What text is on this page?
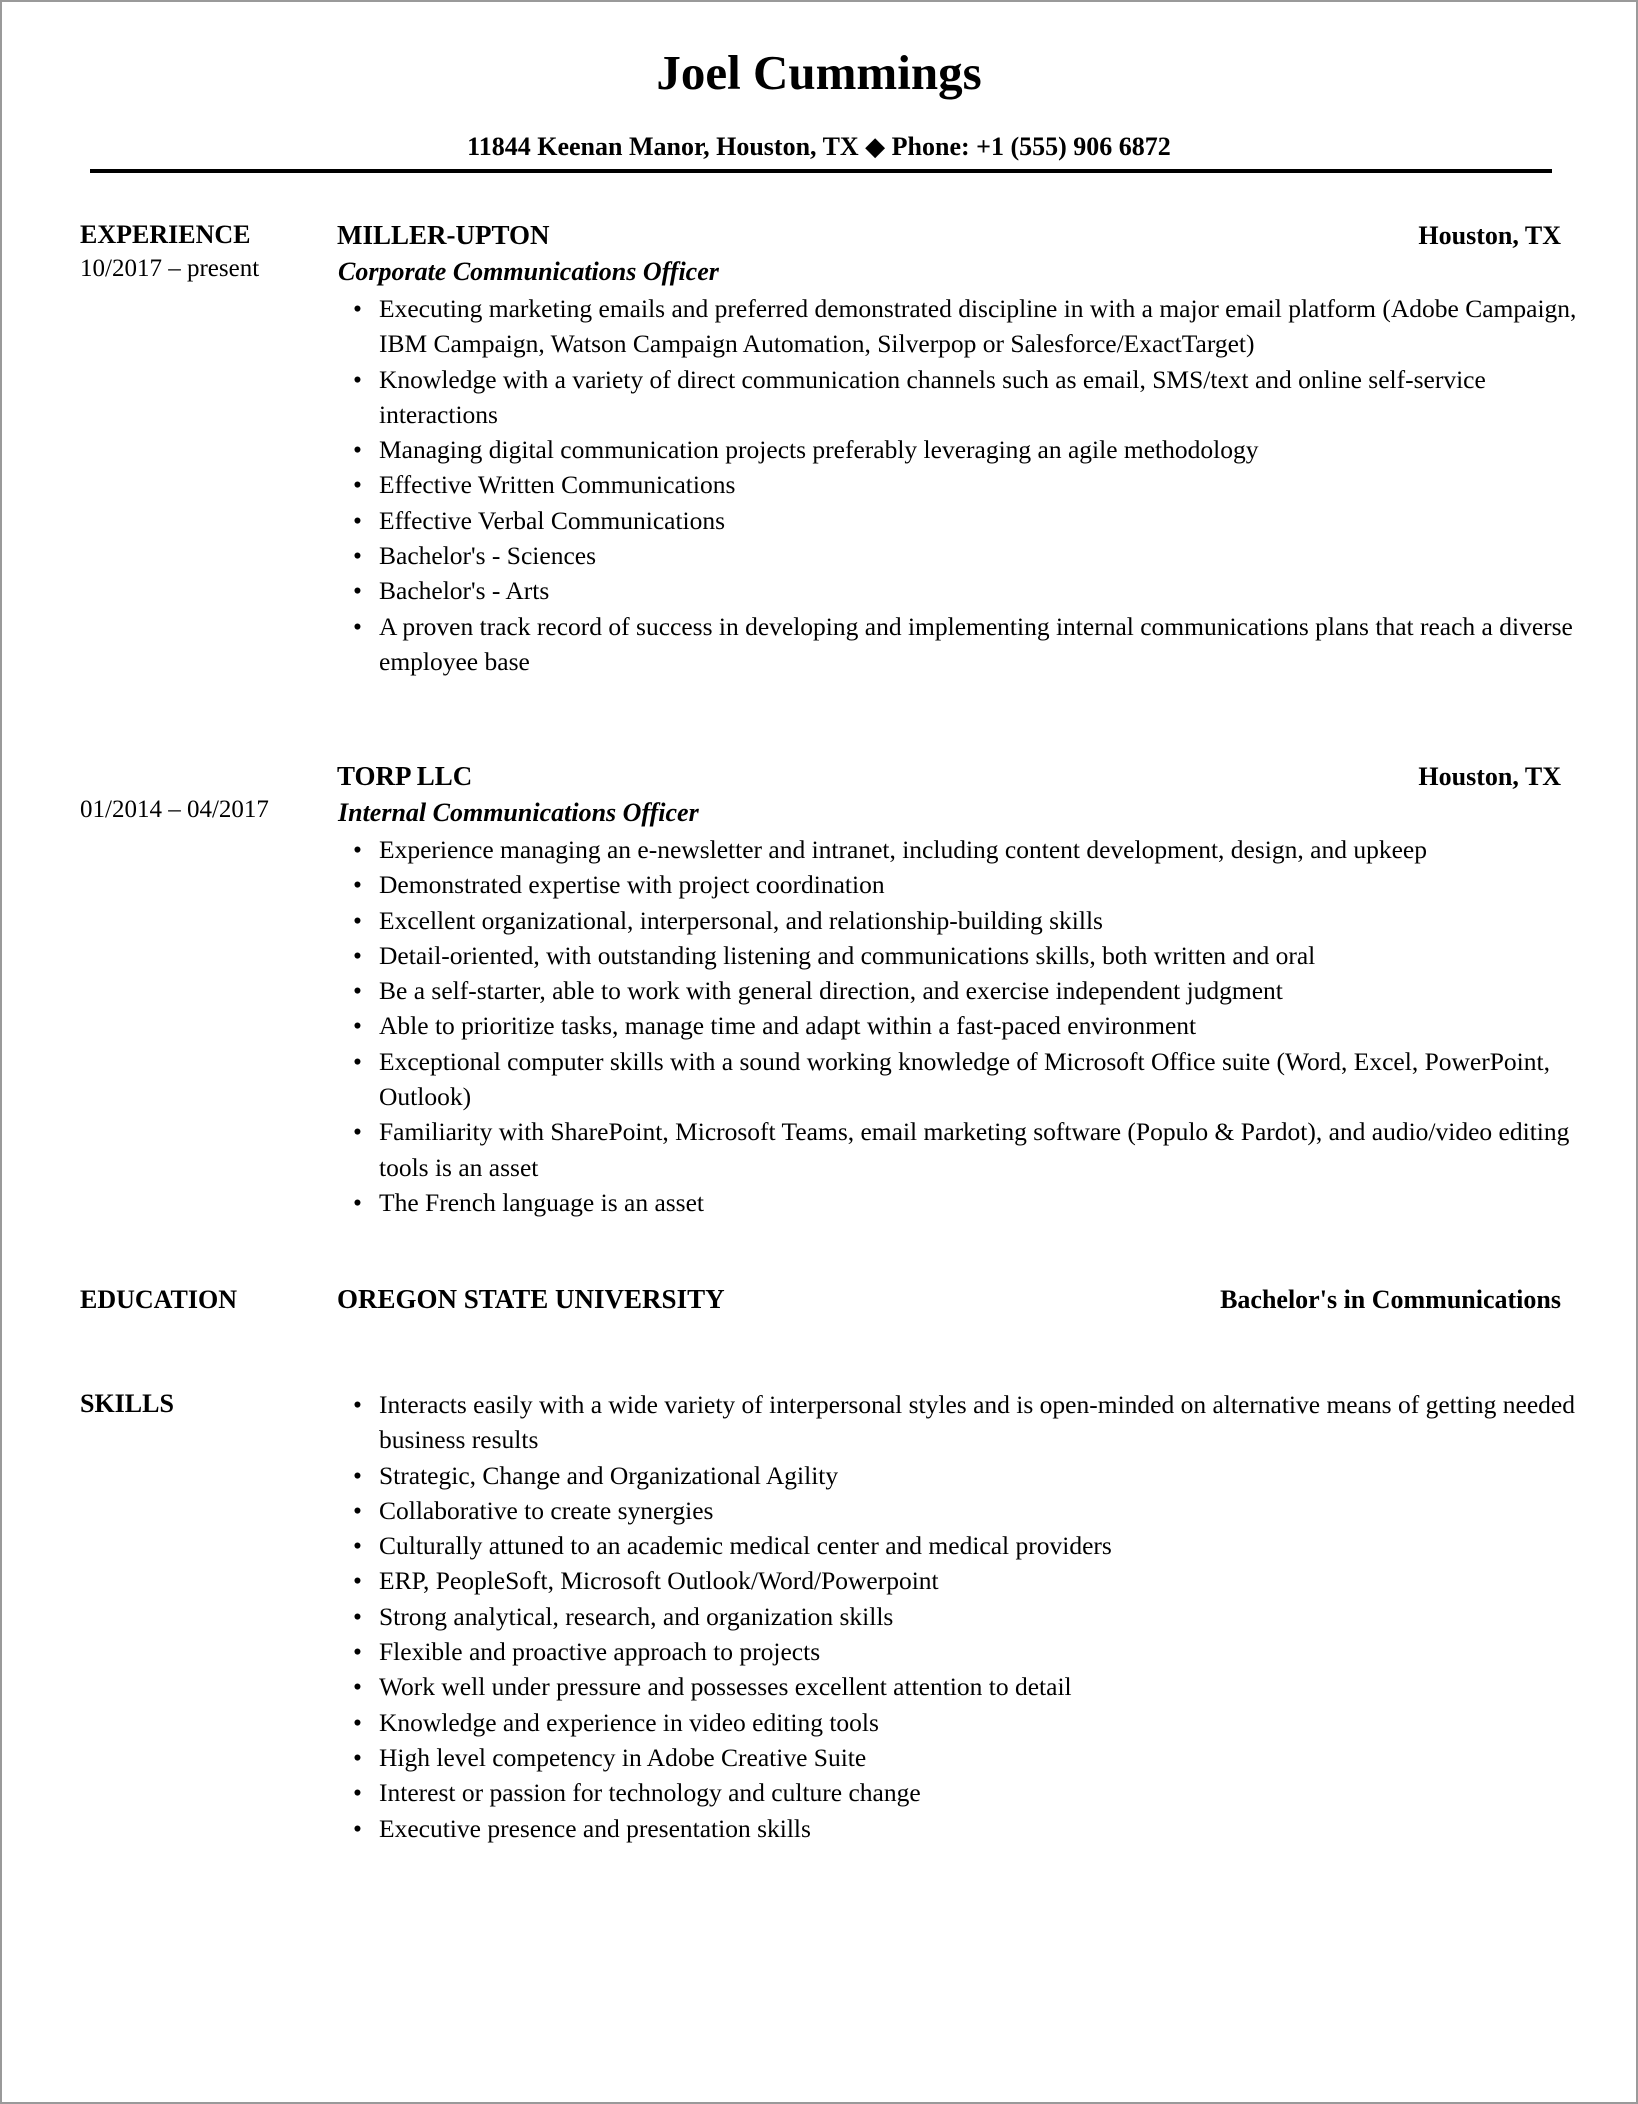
Joel Cummings
11844 Keenan Manor, Houston, TX ◆ Phone: +1 (555) 906 6872
EXPERIENCE
10/2017 – present
MILLER-UPTON	Houston, TX
Corporate Communications Officer
• Executing marketing emails and preferred demonstrated discipline in with a major email platform (Adobe Campaign, IBM Campaign, Watson Campaign Automation, Silverpop or Salesforce/ExactTarget)
• Knowledge with a variety of direct communication channels such as email, SMS/text and online self-service interactions
• Managing digital communication projects preferably leveraging an agile methodology
• Effective Written Communications
• Effective Verbal Communications
• Bachelor's - Sciences
• Bachelor's - Arts
• A proven track record of success in developing and implementing internal communications plans that reach a diverse employee base
01/2014 – 04/2017
TORP LLC	Houston, TX
Internal Communications Officer
• Experience managing an e-newsletter and intranet, including content development, design, and upkeep
• Demonstrated expertise with project coordination
• Excellent organizational, interpersonal, and relationship-building skills
• Detail-oriented, with outstanding listening and communications skills, both written and oral
• Be a self-starter, able to work with general direction, and exercise independent judgment
• Able to prioritize tasks, manage time and adapt within a fast-paced environment
• Exceptional computer skills with a sound working knowledge of Microsoft Office suite (Word, Excel, PowerPoint, Outlook)
• Familiarity with SharePoint, Microsoft Teams, email marketing software (Populo & Pardot), and audio/video editing tools is an asset
• The French language is an asset
EDUCATION	OREGON STATE UNIVERSITY	Bachelor's in Communications
SKILLS
•	Interacts easily with a wide variety of interpersonal styles and is open-minded on alternative means of getting needed business results
• Strategic, Change and Organizational Agility
• Collaborative to create synergies
• Culturally attuned to an academic medical center and medical providers
• ERP, PeopleSoft, Microsoft Outlook/Word/Powerpoint
• Strong analytical, research, and organization skills
• Flexible and proactive approach to projects
• Work well under pressure and possesses excellent attention to detail
• Knowledge and experience in video editing tools
• High level competency in Adobe Creative Suite
• Interest or passion for technology and culture change
• Executive presence and presentation skills
